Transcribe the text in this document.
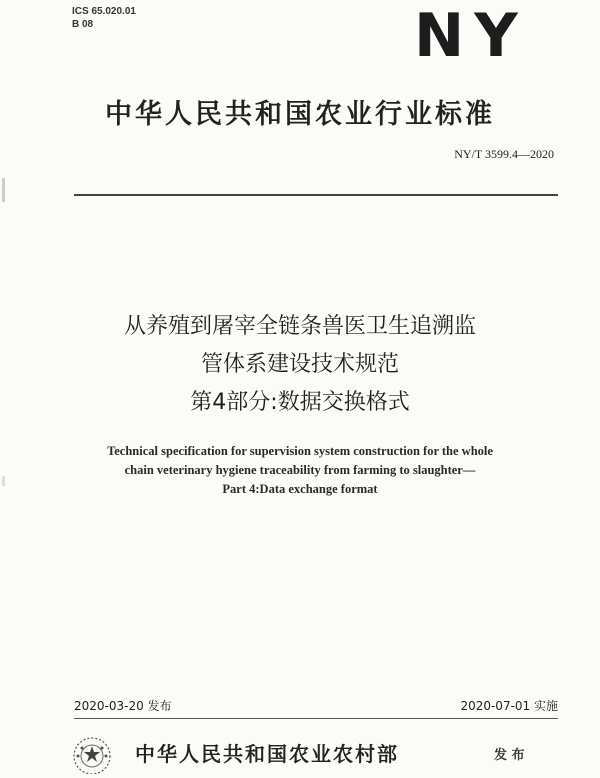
ICS 65.020.01
B 08	NY
中华人民共和国农业行业标准
NY/T 3599.4—2020
从养殖到屠宰全链条兽医卫生追溯监
管体系建设技术规范
第4部分:数据交换格式
Technical specification for supervision system construction for the whole
chain veterinary hygiene traceability from farming to slaughter—
Part 4:Data exchange format
2020-03-20 发布	2020-07-01 实施
中华人民共和国农业农村部	发 布
